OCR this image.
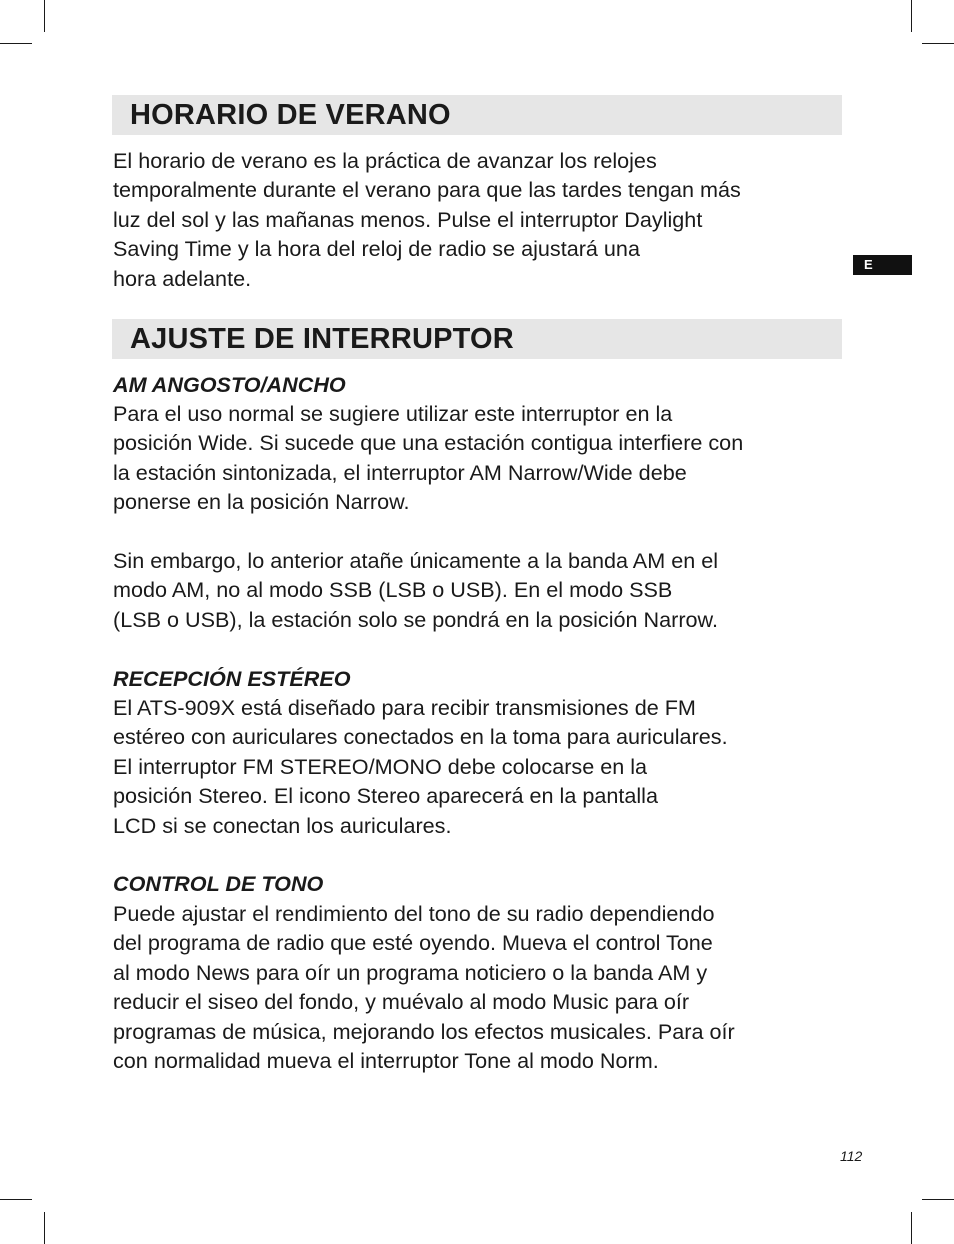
E
HORARIO DE VERANO

El horario de verano es la práctica de avanzar los relojes
temporalmente durante el verano para que las tardes tengan más
luz del sol y las mañanas menos. Pulse el interruptor Daylight
Saving Time y la hora del reloj de radio se ajustará una
hora adelante.

AJUSTE DE INTERRUPTOR

AM ANGOSTO/ANCHO

Para el uso normal se sugiere utilizar este interruptor en la
posición Wide. Si sucede que una estación contigua interfiere con
la estación sintonizada, el interruptor AM Narrow/Wide debe
ponerse en la posición Narrow.

Sin embargo, lo anterior atañe únicamente a la banda AM en el
modo AM, no al modo SSB (LSB o USB). En el modo SSB
(LSB o USB), la estación solo se pondrá en la posición Narrow.

RECEPCIÓN ESTÉREO

El ATS-909X está diseñado para recibir transmisiones de FM
estéreo con auriculares conectados en la toma para auriculares.
El interruptor FM STEREO/MONO debe colocarse en la
posición Stereo. El icono Stereo aparecerá en la pantalla
LCD si se conectan los auriculares.

CONTROL DE TONO

Puede ajustar el rendimiento del tono de su radio dependiendo
del programa de radio que esté oyendo. Mueva el control Tone
al modo News para oír un programa noticiero o la banda AM y
reducir el siseo del fondo, y muévalo al modo Music para oír
programas de música, mejorando los efectos musicales. Para oír
con normalidad mueva el interruptor Tone al modo Norm.

112
